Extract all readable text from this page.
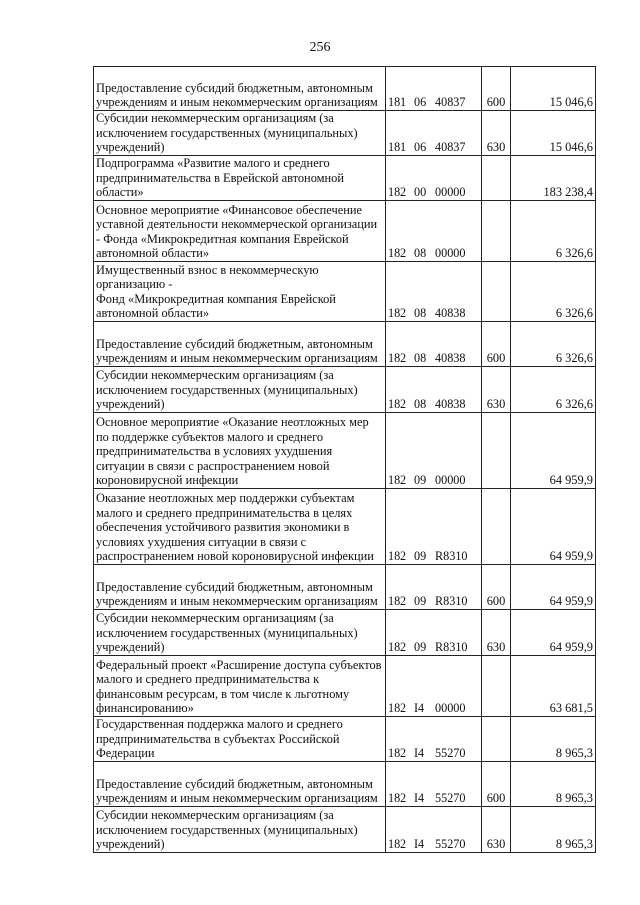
256
Предоставление субсидий бюджетным, автономным учреждениям и иным некоммерческим организациям	181 06 40837	600	15 046,6
Субсидии некоммерческим организациям (за исключением государственных (муниципальных) учреждений)	181 06 40837	630	15 046,6
Подпрограмма «Развитие малого и среднего предпринимательства в Еврейской автономной области»	182 00 00000		183 238,4
Основное мероприятие «Финансовое обеспечение уставной деятельности некоммерческой организации - Фонда «Микрокредитная компания Еврейской автономной области»	182 08 00000		6 326,6
Имущественный взнос в некоммерческую организацию -
Фонд «Микрокредитная компания Еврейской автономной области»	182 08 40838		6 326,6
Предоставление субсидий бюджетным, автономным учреждениям и иным некоммерческим организациям	182 08 40838	600	6 326,6
Субсидии некоммерческим организациям (за исключением государственных (муниципальных) учреждений)	182 08 40838	630	6 326,6
Основное мероприятие «Оказание неотложных мер по поддержке субъектов малого и среднего предпринимательства в условиях ухудшения ситуации в связи с распространением новой короновирусной инфекции	182 09 00000		64 959,9
Оказание неотложных мер поддержки субъектам малого и среднего предпринимательства в целях обеспечения устойчивого развития экономики в условиях ухудшения ситуации в связи с распространением новой короновирусной инфекции	182 09 R8310		64 959,9
Предоставление субсидий бюджетным, автономным учреждениям и иным некоммерческим организациям	182 09 R8310	600	64 959,9
Субсидии некоммерческим организациям (за исключением государственных (муниципальных) учреждений)	182 09 R8310	630	64 959,9
Федеральный проект «Расширение доступа субъектов малого и среднего предпринимательства к финансовым ресурсам, в том числе к льготному финансированию»	182 I4 00000		63 681,5
Государственная поддержка малого и среднего предпринимательства в субъектах Российской Федерации	182 I4 55270		8 965,3
Предоставление субсидий бюджетным, автономным учреждениям и иным некоммерческим организациям	182 I4 55270	600	8 965,3
Субсидии некоммерческим организациям (за исключением государственных (муниципальных) учреждений)	182 I4 55270	630	8 965,3
